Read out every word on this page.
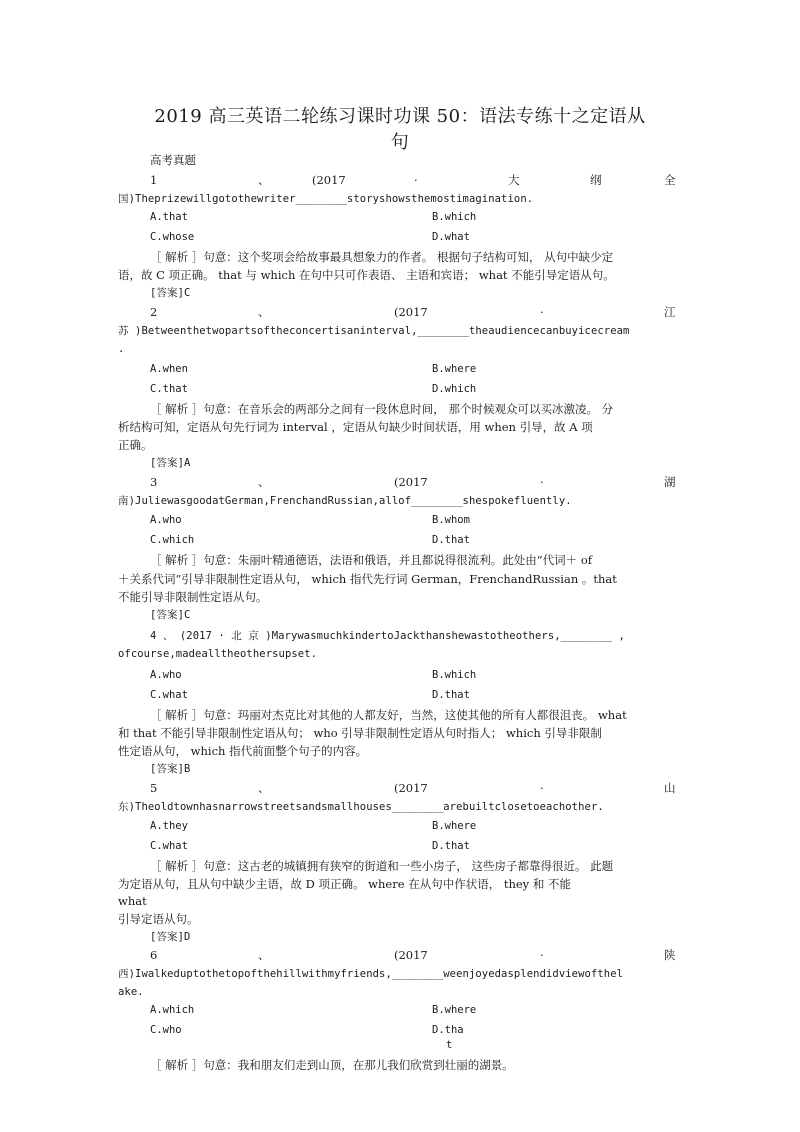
2019 高三英语二轮练习课时功课 50：语法专练十之定语从
句
高考真题
1	、	(2017	·	大	纲	全
国)Theprizewillgotothewriter________storyshowsthemostimagination.
A.that	B.which
C.whose	D.what
［ 解析 ］句意：这个奖项会给故事最具想象力的作者。 根据句子结构可知， 从句中缺少定
语，故 C 项正确。 that 与 which 在句中只可作表语、 主语和宾语； what 不能引导定语从句。
[答案]C
2	、	(2017	·	江
苏 )Betweenthetwopartsoftheconcertisaninterval,________theaudiencecanbuyicecream
.
A.when	B.where
C.that	D.which
［ 解析 ］句意：在音乐会的两部分之间有一段休息时间， 那个时候观众可以买冰激凌。 分
析结构可知，定语从句先行词为 interval ，定语从句缺少时间状语，用 when 引导，故 A 项
正确。
[答案]A
3	、	(2017	·	湖
南)JuliewasgoodatGerman,FrenchandRussian,allof________shespokefluently.
A.who	B.whom
C.which	D.that
［ 解析 ］句意：朱丽叶精通德语，法语和俄语，并且都说得很流利。此处由“代词＋ of
＋关系代词”引导非限制性定语从句， which 指代先行词 German，FrenchandRussian 。that
不能引导非限制性定语从句。
[答案]C
4 、 (2017 · 北 京 )MarywasmuchkindertoJackthanshewastotheothers,________ ,
ofcourse,madealltheothersupset.
A.who	B.which
C.what	D.that
［ 解析 ］句意：玛丽对杰克比对其他的人都友好，当然，这使其他的所有人都很沮丧。 what
和 that 不能引导非限制性定语从句； who 引导非限制性定语从句时指人； which 引导非限制
性定语从句， which 指代前面整个句子的内容。
[答案]B
5	、	(2017	·	山
东)Theoldtownhasnarrowstreetsandsmallhouses________arebuiltclosetoeachother.
A.they	B.where
C.what	D.that
［ 解析 ］句意：这古老的城镇拥有狭窄的街道和一些小房子， 这些房子都靠得很近。 此题
为定语从句，且从句中缺少主语，故 D 项正确。 where 在从句中作状语， they 和 不能
what
引导定语从句。
[答案]D
6	、	(2017	·	陕
西)Iwalkeduptothetopofthehillwithmyfriends,________weenjoyedasplendidviewofthel
ake.
A.which	B.where
C.who	D.tha
t
［ 解析 ］句意：我和朋友们走到山顶，在那儿我们欣赏到壮丽的湖景。
